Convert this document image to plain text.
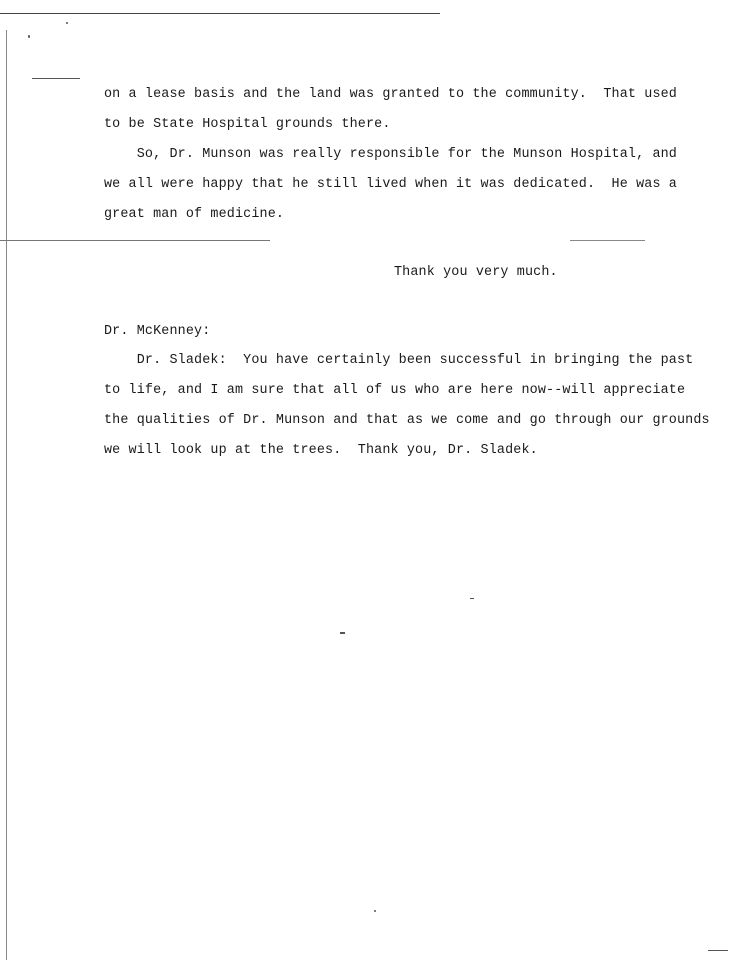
on a lease basis and the land was granted to the community.  That used
to be State Hospital grounds there.
So, Dr. Munson was really responsible for the Munson Hospital, and
we all were happy that he still lived when it was dedicated.  He was a
great man of medicine.
Thank you very much.
Dr. McKenney:
Dr. Sladek:  You have certainly been successful in bringing the past
to life, and I am sure that all of us who are here now--will appreciate
the qualities of Dr. Munson and that as we come and go through our grounds
we will look up at the trees.  Thank you, Dr. Sladek.
